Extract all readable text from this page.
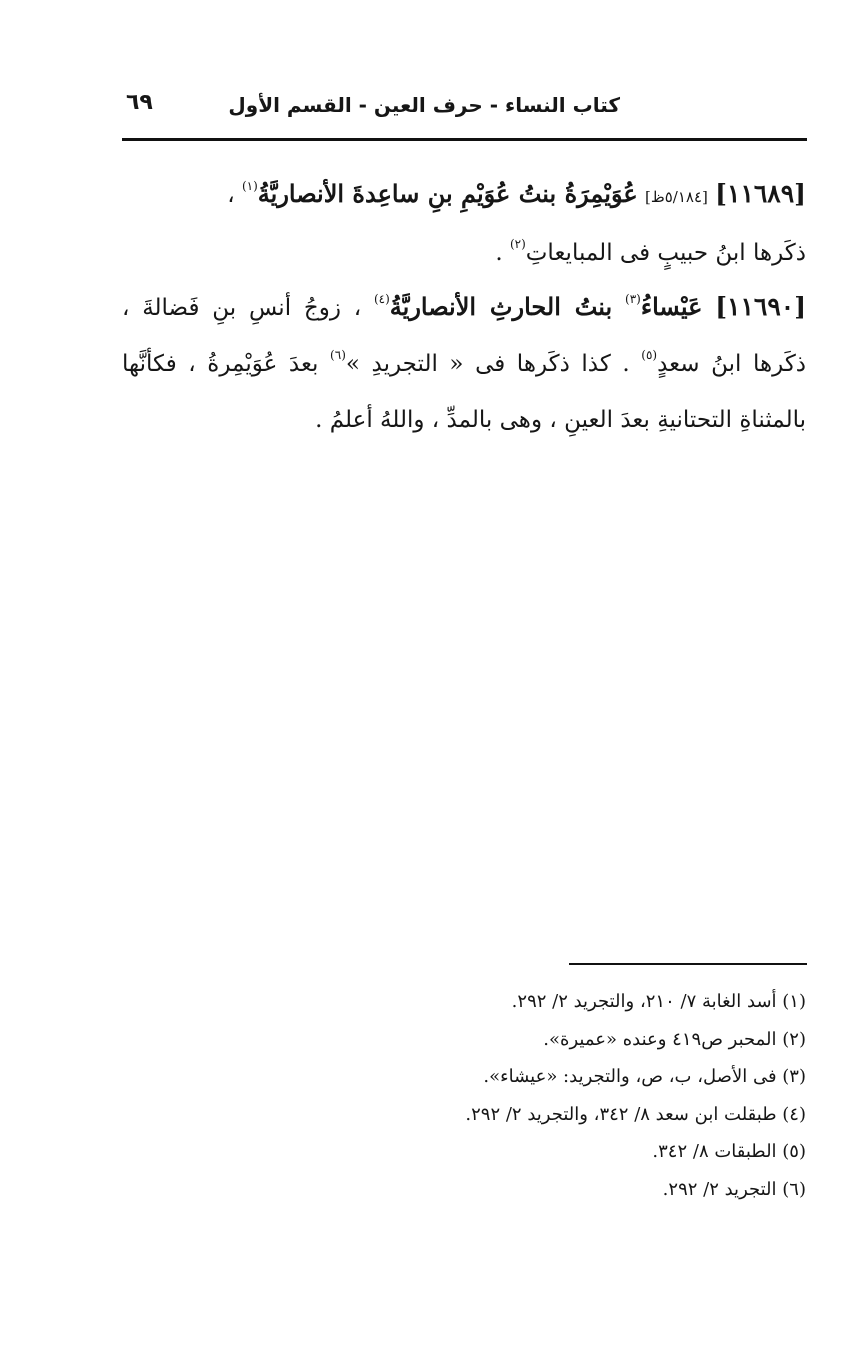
كتاب النساء - حرف العين - القسم الأول
٦٩
[١١٦٨٩] [٥/١٨٤ظ] عُوَيْمِرَةُ بنتُ عُوَيْمِ بنِ ساعِدةَ الأنصاريَّةُ$^{(١)}$ ،
ذكَرها ابنُ حبيبٍ فى المبايعاتِ$^{(٢)}$ .
[١١٦٩٠] عَيْساءُ$^{(٣)}$ بنتُ الحارثِ الأنصاريَّةُ$^{(٤)}$ ، زوجُ أنسِ بنِ فَضالةَ ، ذكَرها ابنُ سعدٍ$^{(٥)}$ . كذا ذكَرها فى « التجريدِ »$^{(٦)}$ بعدَ عُوَيْمِرةُ ، فكأنَّها بالمثناةِ التحتانيةِ بعدَ العينِ ، وهى بالمدِّ ، واللهُ أعلمُ .
(١) أسد الغابة ٧/ ٢١٠، والتجريد ٢/ ٢٩٢.
(٢) المحبر ص٤١٩ وعنده «عميرة».
(٣) فى الأصل، ب، ص، والتجريد: «عيشاء».
(٤) طبقلت ابن سعد ٨/ ٣٤٢، والتجريد ٢/ ٢٩٢.
(٥) الطبقات ٨/ ٣٤٢.
(٦) التجريد ٢/ ٢٩٢.
